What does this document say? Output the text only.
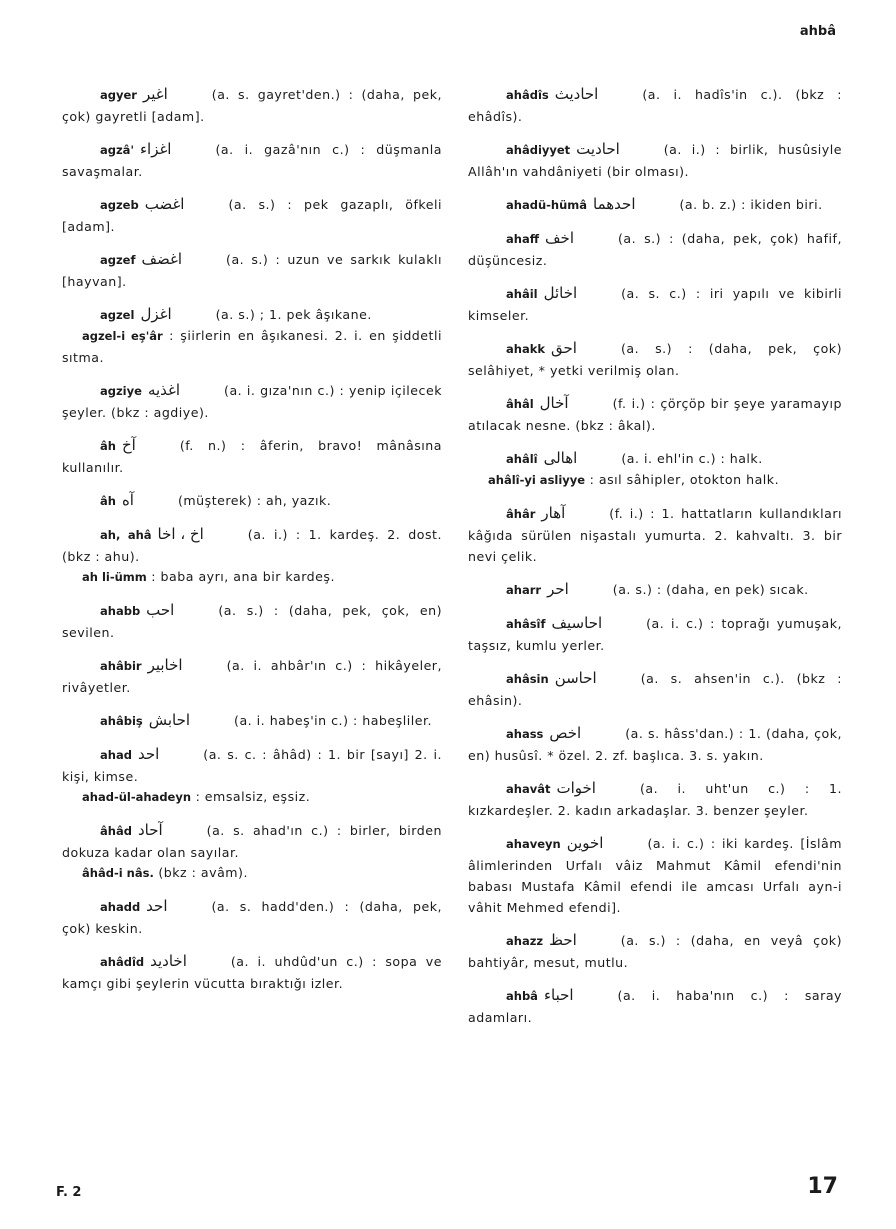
ahbâ
agyer اغير	(a. s. gayret'den.) : (daha, pek, çok) gayretli [adam].
agzâ' اغزاء	(a. i. gazâ'nın c.) : düşmanla savaşmalar.
agzeb اغضب	(a. s.) : pek gazaplı, öfkeli [adam].
agzef اغضف	(a. s.) : uzun ve sarkık kulaklı [hayvan].
agzel اغزل	(a. s.) ; 1. pek âşıkane.
agzel-i eş'âr : şiirlerin en âşıkanesi. 2. i. en şiddetli sıtma.
agziye اغذيه	(a. i. gıza'nın c.) : yenip içilecek şeyler. (bkz : agdiye).
âh آخ	(f. n.) : âferin, bravo! mânâsına kullanılır.
âh آه	(müşterek) : ah, yazık.
ah, ahâ اخ ، اخا	(a. i.) : 1. kardeş. 2. dost. (bkz : ahu).
ah li-ümm : baba ayrı, ana bir kardeş.
ahabb احب	(a. s.) : (daha, pek, çok, en) sevilen.
ahâbir اخابير	(a. i. ahbâr'ın c.) : hikâyeler, rivâyetler.
ahâbiş احابش	(a. i. habeş'in c.) : habeşliler.
ahad احد	(a. s. c. : âhâd) : 1. bir [sayı] 2. i. kişi, kimse.
ahad-ül-ahadeyn : emsalsiz, eşsiz.
âhâd آحاد	(a. s. ahad'ın c.) : birler, birden dokuza kadar olan sayılar.
âhâd-i nâs. (bkz : avâm).
ahadd احد	(a. s. hadd'den.) : (daha, pek, çok) keskin.
ahâdîd اخاديد	(a. i. uhdûd'un c.) : sopa ve kamçı gibi şeylerin vücutta bıraktığı izler.
ahâdîs احاديث	(a. i. hadîs'in c.). (bkz : ehâdîs).
ahâdiyyet احاديت	(a. i.) : birlik, husûsiyle Allâh'ın vahdâniyeti (bir olması).
ahadü-hümâ احدهما	(a. b. z.) : ikiden biri.
ahaff اخف	(a. s.) : (daha, pek, çok) hafif, düşüncesiz.
ahâil اخائل	(a. s. c.) : iri yapılı ve kibirli kimseler.
ahakk احق	(a. s.) : (daha, pek, çok) selâhiyet, * yetki verilmiş olan.
âhâl آخال	(f. i.) : çörçöp bir şeye yaramayıp atılacak nesne. (bkz : âkal).
ahâlî اهالى	(a. i. ehl'in c.) : halk.
ahâlî-yi asliyye : asıl sâhipler, otokton halk.
âhâr آهار	(f. i.) : 1. hattatların kullandıkları kâğıda sürülen nişastalı yumurta. 2. kahvaltı. 3. bir nevi çelik.
aharr احر	(a. s.) : (daha, en pek) sıcak.
ahâsîf احاسيف	(a. i. c.) : toprağı yumuşak, taşsız, kumlu yerler.
ahâsin احاسن	(a. s. ahsen'in c.). (bkz : ehâsin).
ahass اخص	(a. s. hâss'dan.) : 1. (daha, çok, en) husûsî. * özel. 2. zf. başlıca. 3. s. yakın.
ahavât اخوات	(a. i. uht'un c.) : 1. kızkardeşler. 2. kadın arkadaşlar. 3. benzer şeyler.
ahaveyn اخوين	(a. i. c.) : iki kardeş. [İslâm âlimlerinden Urfalı vâiz Mahmut Kâmil efendi'nin babası Mustafa Kâmil efendi ile amcası Urfalı ayn-i vâhit Mehmed efendi].
ahazz احظ	(a. s.) : (daha, en veyâ çok) bahtiyâr, mesut, mutlu.
ahbâ احباء	(a. i. haba'nın c.) : saray adamları.
F. 2	17
